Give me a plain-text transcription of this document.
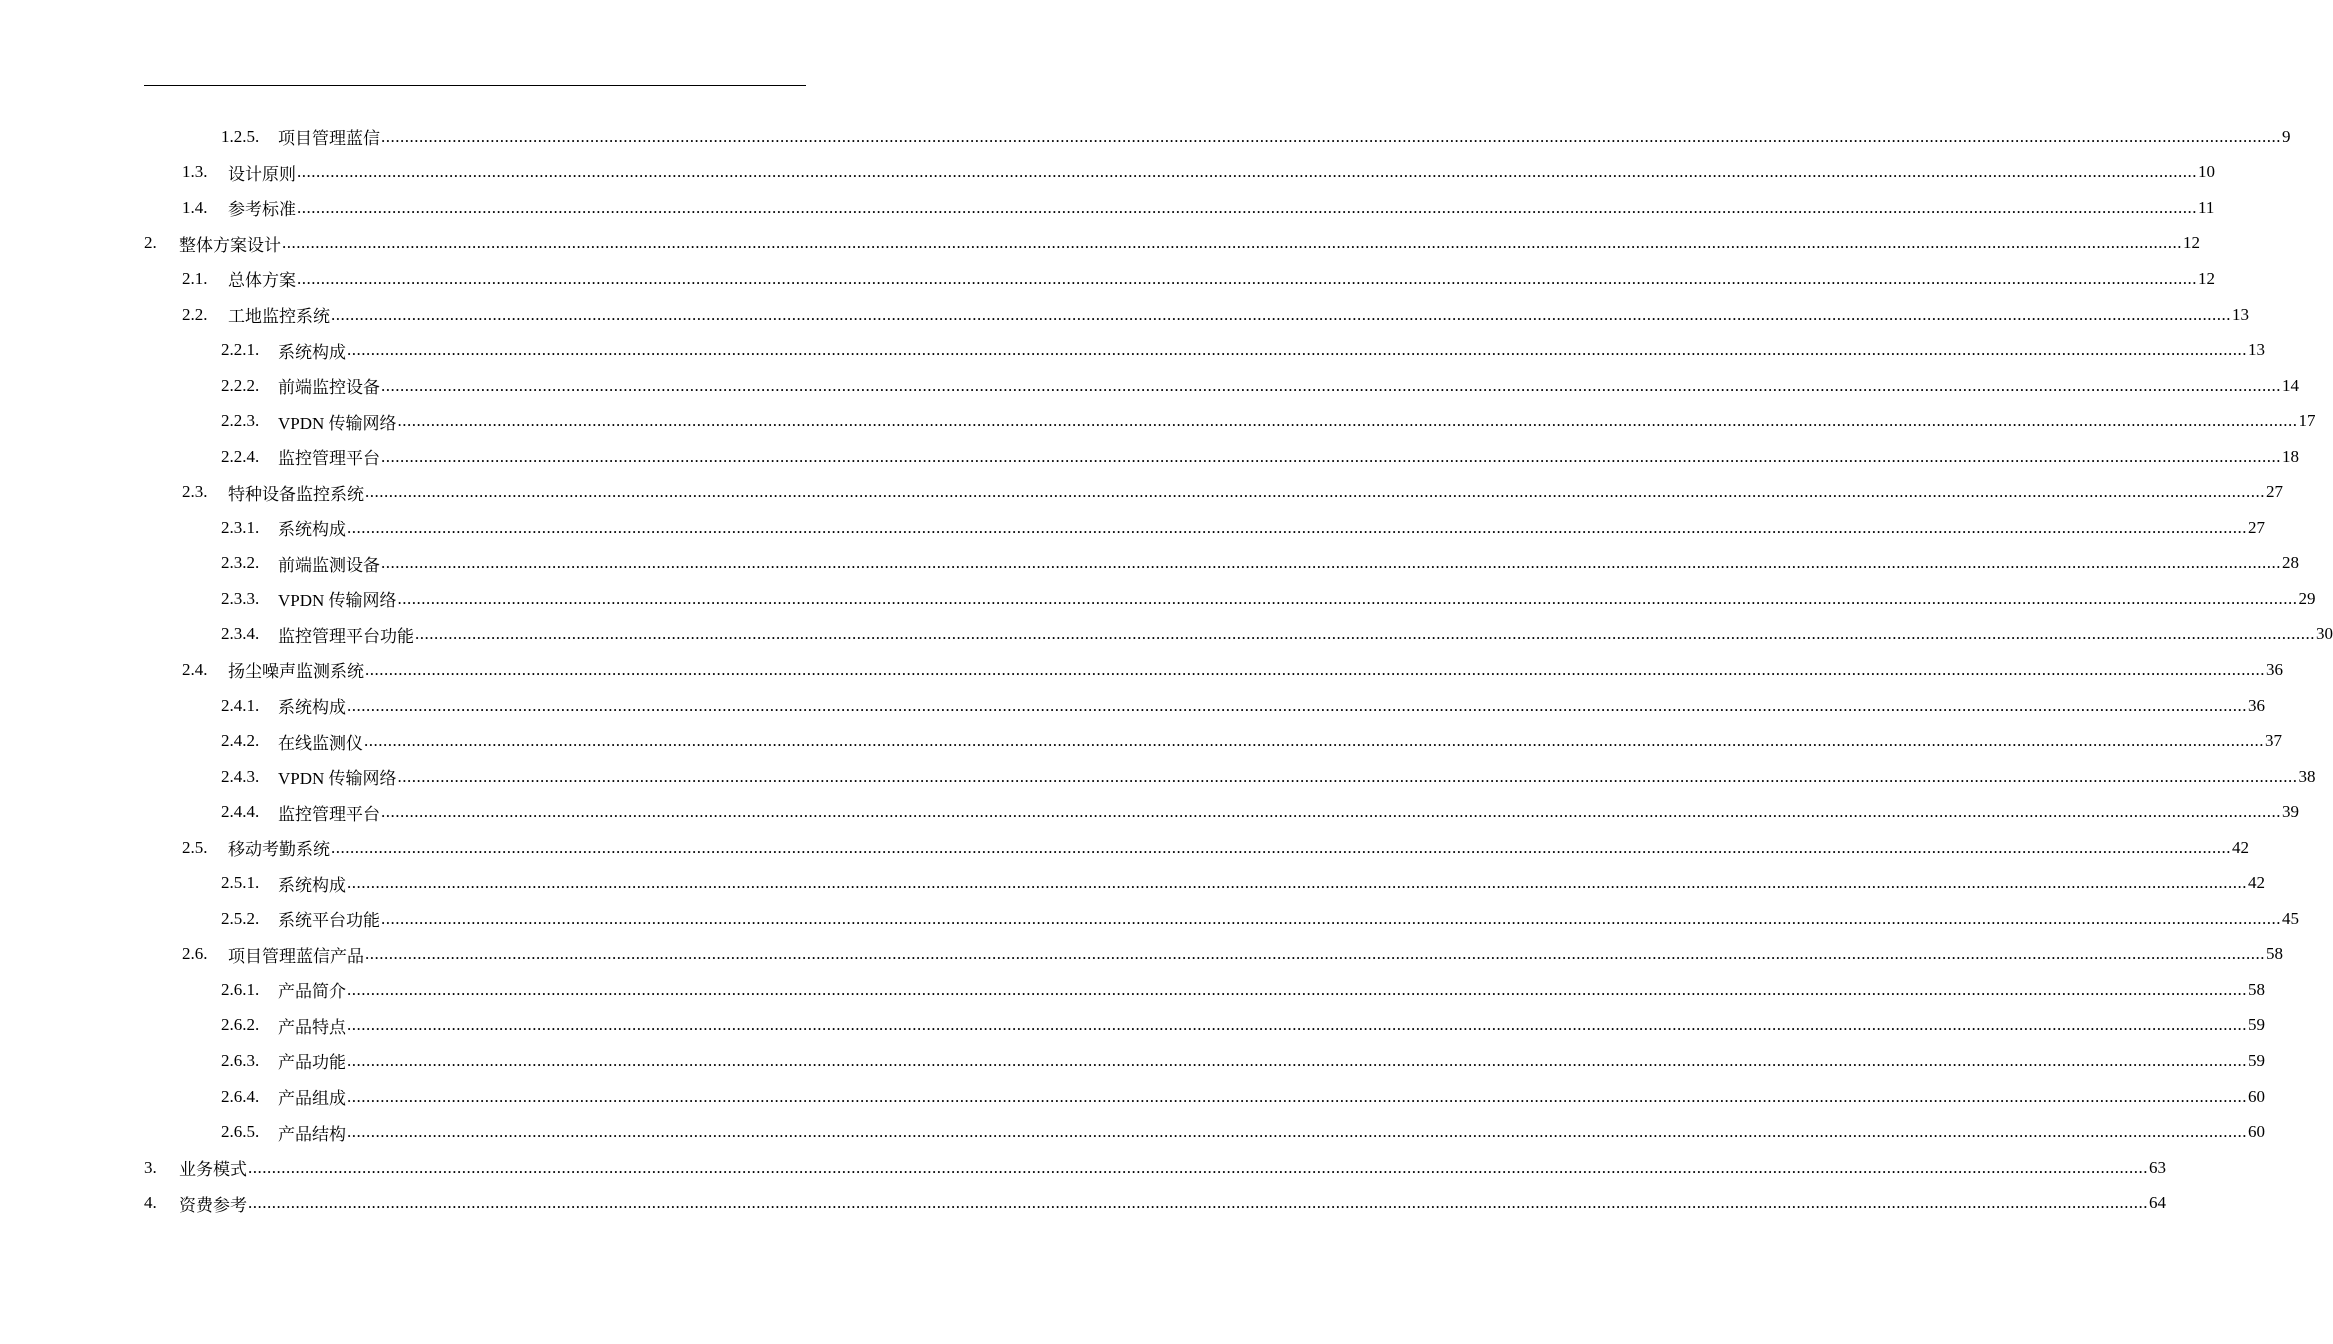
1.2.5.	项目管理蓝信 ................................................................................................................................................................................................................................................................................................................................................................................................................ 9
1.3.	设计原则 ................................................................................................................................................................................................................................................................................................................................................................................................................ 10
1.4.	参考标准 ................................................................................................................................................................................................................................................................................................................................................................................................................ 11
2.	整体方案设计 ................................................................................................................................................................................................................................................................................................................................................................................................................ 12
2.1.	总体方案 ................................................................................................................................................................................................................................................................................................................................................................................................................ 12
2.2.	工地监控系统 ................................................................................................................................................................................................................................................................................................................................................................................................................ 13
2.2.1.	系统构成 ................................................................................................................................................................................................................................................................................................................................................................................................................ 13
2.2.2.	前端监控设备 ................................................................................................................................................................................................................................................................................................................................................................................................................ 14
2.2.3.	VPDN 传输网络 ................................................................................................................................................................................................................................................................................................................................................................................................................ 17
2.2.4.	监控管理平台 ................................................................................................................................................................................................................................................................................................................................................................................................................ 18
2.3.	特种设备监控系统 ................................................................................................................................................................................................................................................................................................................................................................................................................ 27
2.3.1.	系统构成 ................................................................................................................................................................................................................................................................................................................................................................................................................ 27
2.3.2.	前端监测设备 ................................................................................................................................................................................................................................................................................................................................................................................................................ 28
2.3.3.	VPDN 传输网络 ................................................................................................................................................................................................................................................................................................................................................................................................................ 29
2.3.4.	监控管理平台功能 ................................................................................................................................................................................................................................................................................................................................................................................................................ 30
2.4.	扬尘噪声监测系统 ................................................................................................................................................................................................................................................................................................................................................................................................................ 36
2.4.1.	系统构成 ................................................................................................................................................................................................................................................................................................................................................................................................................ 36
2.4.2.	在线监测仪 ................................................................................................................................................................................................................................................................................................................................................................................................................ 37
2.4.3.	VPDN 传输网络 ................................................................................................................................................................................................................................................................................................................................................................................................................ 38
2.4.4.	监控管理平台 ................................................................................................................................................................................................................................................................................................................................................................................................................ 39
2.5.	移动考勤系统 ................................................................................................................................................................................................................................................................................................................................................................................................................ 42
2.5.1.	系统构成 ................................................................................................................................................................................................................................................................................................................................................................................................................ 42
2.5.2.	系统平台功能 ................................................................................................................................................................................................................................................................................................................................................................................................................ 45
2.6.	项目管理蓝信产品 ................................................................................................................................................................................................................................................................................................................................................................................................................ 58
2.6.1.	产品简介 ................................................................................................................................................................................................................................................................................................................................................................................................................ 58
2.6.2.	产品特点 ................................................................................................................................................................................................................................................................................................................................................................................................................ 59
2.6.3.	产品功能 ................................................................................................................................................................................................................................................................................................................................................................................................................ 59
2.6.4.	产品组成 ................................................................................................................................................................................................................................................................................................................................................................................................................ 60
2.6.5.	产品结构 ................................................................................................................................................................................................................................................................................................................................................................................................................ 60
3.	业务模式 ................................................................................................................................................................................................................................................................................................................................................................................................................ 63
4.	资费参考 ................................................................................................................................................................................................................................................................................................................................................................................................................ 64
